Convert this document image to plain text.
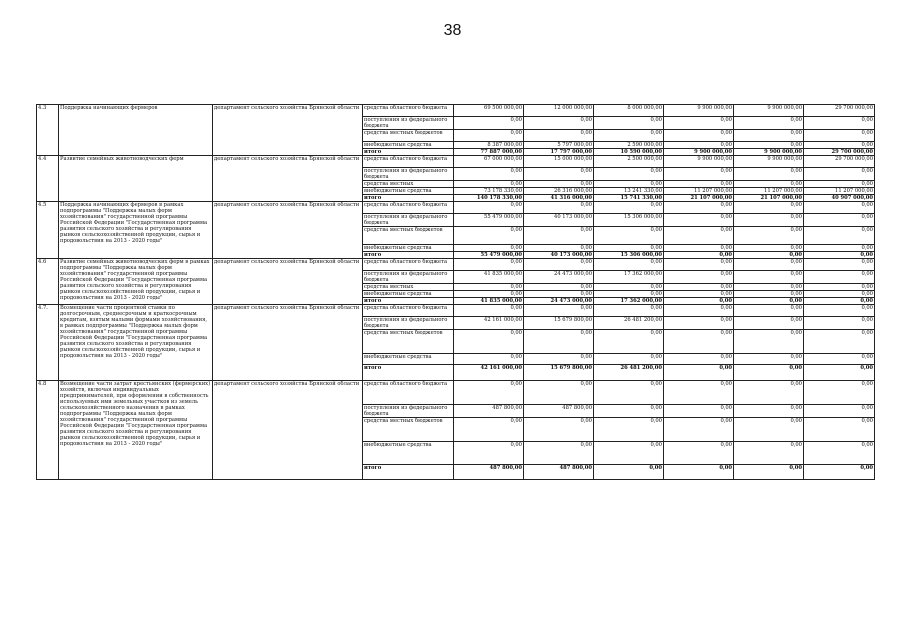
38
4.3	Поддержка начинающих фермеров	департамент сельского хозяйства Брянской области	средства областного бюджета	69 500 000,00	12 000 000,00	8 000 000,00	9 900 000,00	9 900 000,00	29 700 000,00
			поступления из федерального бюджета	0,00	0,00	0,00	0,00	0,00	0,00
			средства местных бюджетов	0,00	0,00	0,00	0,00	0,00	0,00
			внебюджетные средства	8 387 000,00	5 797 000,00	2 590 000,00	0,00	0,00	0,00
			итого	77 887 000,00	17 797 000,00	10 590 000,00	9 900 000,00	9 900 000,00	29 700 000,00
4.4	Развитие семейных животноводческих ферм	департамент сельского хозяйства Брянской области	средства областного бюджета	67 000 000,00	15 000 000,00	2 500 000,00	9 900 000,00	9 900 000,00	29 700 000,00
			поступления из федерального бюджета	0,00	0,00	0,00	0,00	0,00	0,00
			средства местных	0,00	0,00	0,00	0,00	0,00	0,00
			внебюджетные средства	73 178 330,00	26 316 000,00	13 241 330,00	11 207 000,00	11 207 000,00	11 207 000,00
			итого	140 178 330,00	41 316 000,00	15 741 330,00	21 107 000,00	21 107 000,00	40 907 000,00
4.5	Поддержка начинающих фермеров в рамках подпрограммы "Поддержка малых форм хозяйствования" государственной программы Российской Федерации "Государственная программа развития сельского хозяйства и регулирования рынков сельскохозяйственной продукции, сырья и продовольствия на 2013 - 2020 годы"	департамент сельского хозяйства Брянской области	средства областного бюджета	0,00	0,00	0,00	0,00	0,00	0,00
			поступления из федерального бюджета	55 479 000,00	40 173 000,00	15 306 000,00	0,00	0,00	0,00
			средства местных бюджетов	0,00	0,00	0,00	0,00	0,00	0,00
			внебюджетные средства	0,00	0,00	0,00	0,00	0,00	0,00
			итого	55 479 000,00	40 173 000,00	15 306 000,00	0,00	0,00	0,00
4.6	Развитие семейных животноводческих ферм в рамках подпрограммы "Поддержка малых форм хозяйствования" государственной программы Российской Федерации "Государственная программа развития сельского хозяйства и регулирования рынков сельскохозяйственной продукции, сырья и продовольствия на 2013 - 2020 годы"	департамент сельского хозяйства Брянской области	средства областного бюджета	0,00	0,00	0,00	0,00	0,00	0,00
			поступления из федерального бюджета	41 835 000,00	24 473 000,00	17 362 000,00	0,00	0,00	0,00
			средства местных	0,00	0,00	0,00	0,00	0,00	0,00
			внебюджетные средства	0,00	0,00	0,00	0,00	0,00	0,00
			итого	41 835 000,00	24 473 000,00	17 362 000,00	0,00	0,00	0,00
4.7.	Возмещение части процентной ставки по долгосрочным, среднесрочным и краткосрочным кредитам, взятым малыми формами хозяйствования, в рамках подпрограммы "Поддержка малых форм хозяйствования" государственной программы Российской Федерации "Государственная программа развития сельского хозяйства и регулирования рынков сельскохозяйственной продукции, сырья и продовольствия на 2013 - 2020 годы"	департамент сельского хозяйства Брянской области	средства областного бюджета	0,00	0,00	0,00	0,00	0,00	0,00
			поступления из федерального бюджета	42 161 000,00	15 679 800,00	26 481 200,00	0,00	0,00	0,00
			средства местных бюджетов	0,00	0,00	0,00	0,00	0,00	0,00
			внебюджетные средства	0,00	0,00	0,00	0,00	0,00	0,00
			итого	42 161 000,00	15 679 800,00	26 481 200,00	0,00	0,00	0,00
4.8	Возмещение части затрат крестьянских (фермерских) хозяйств, включая индивидуальных предпринимателей, при оформлении в собственность используемых ими земельных участков из земель сельскохозяйственного назначения в рамках подпрограммы "Поддержка малых форм хозяйствования" государственной программы Российской Федерации "Государственная программа развития сельского хозяйства и регулирования рынков сельскохозяйственной продукции, сырья и продовольствия на 2013 - 2020 годы"	департамент сельского хозяйства Брянской области	средства областного бюджета	0,00	0,00	0,00	0,00	0,00	0,00
			поступления из федерального бюджета	487 800,00	487 800,00	0,00	0,00	0,00	0,00
			средства местных бюджетов	0,00	0,00	0,00	0,00	0,00	0,00
			внебюджетные средства	0,00	0,00	0,00	0,00	0,00	0,00
			итого	487 800,00	487 800,00	0,00	0,00	0,00	0,00
